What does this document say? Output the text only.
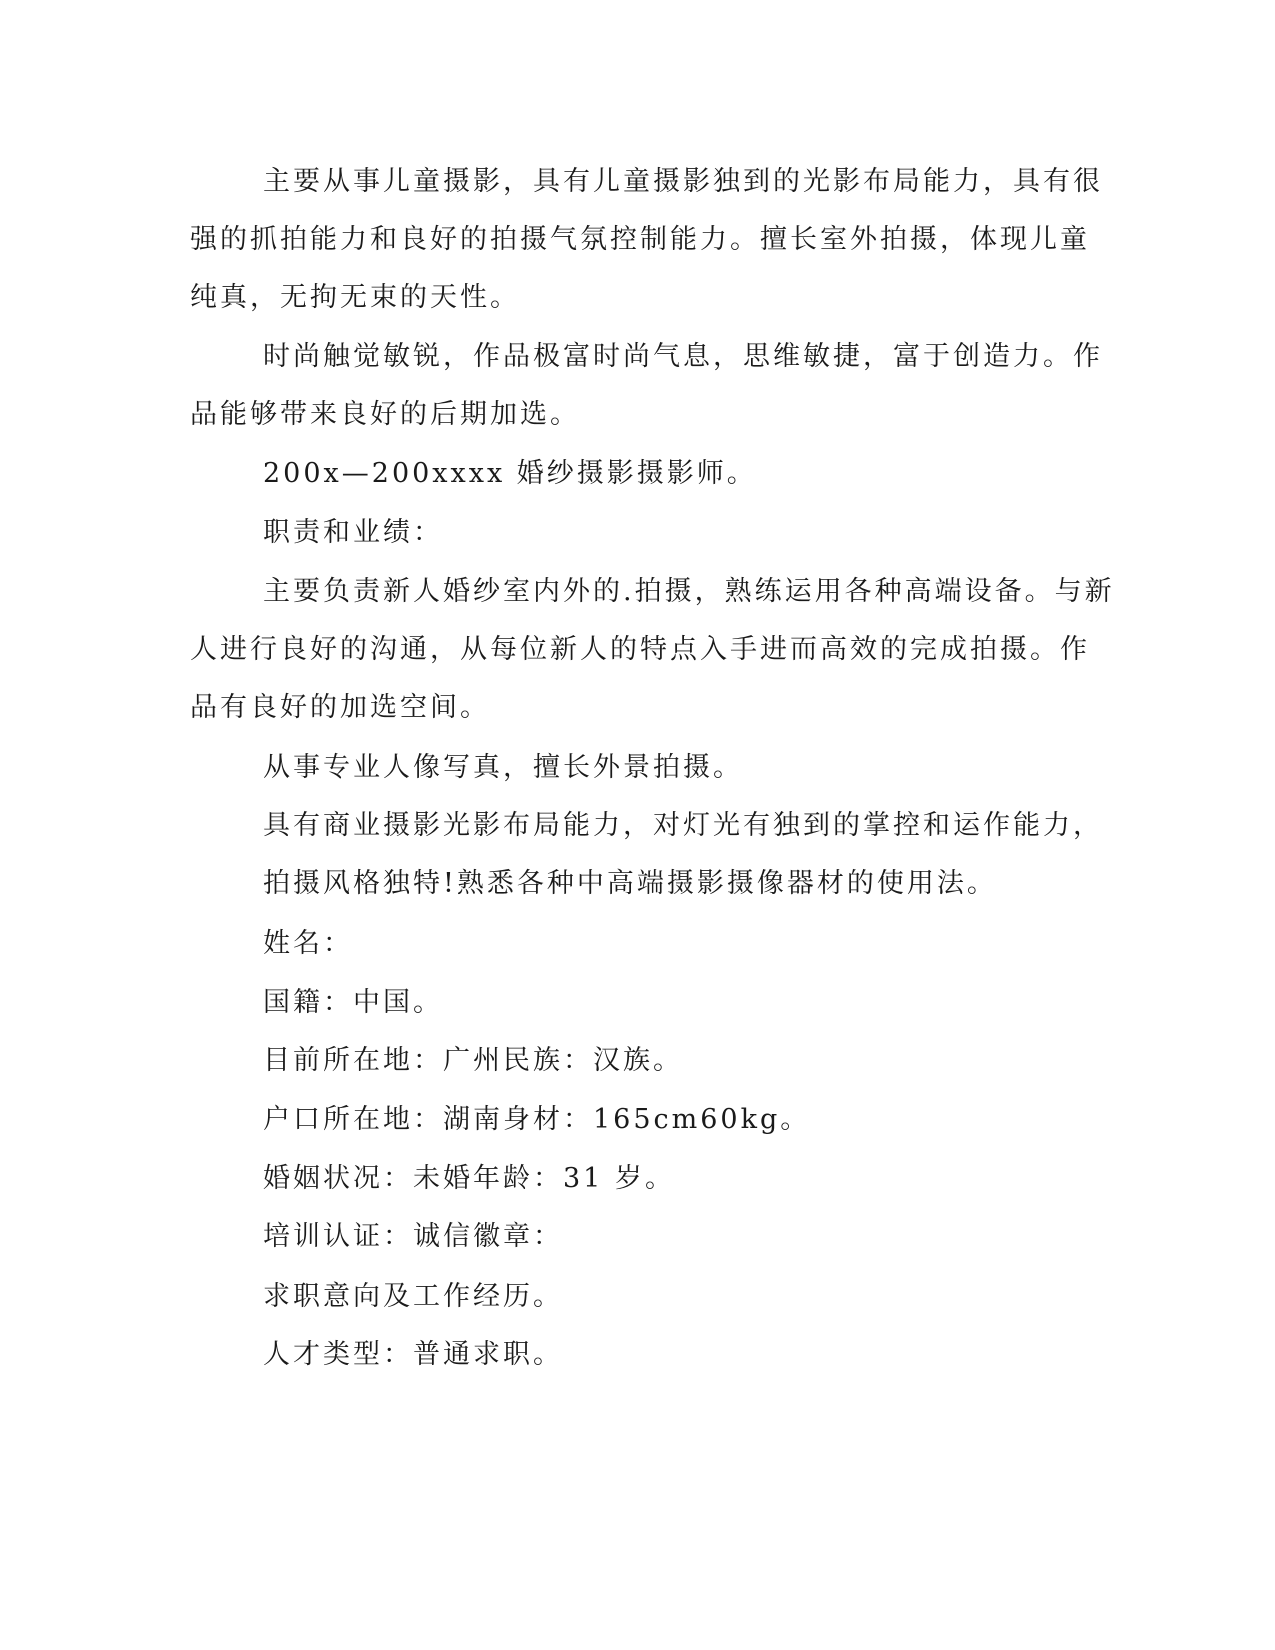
主要从事儿童摄影，具有儿童摄影独到的光影布局能力，具有很
强的抓拍能力和良好的拍摄气氛控制能力。擅长室外拍摄，体现儿童
纯真，无拘无束的天性。
时尚触觉敏锐，作品极富时尚气息，思维敏捷，富于创造力。作
品能够带来良好的后期加选。
200x—200xxxx 婚纱摄影摄影师。
职责和业绩：
主要负责新人婚纱室内外的.拍摄，熟练运用各种高端设备。与新
人进行良好的沟通，从每位新人的特点入手进而高效的完成拍摄。作
品有良好的加选空间。
从事专业人像写真，擅长外景拍摄。
具有商业摄影光影布局能力，对灯光有独到的掌控和运作能力，
拍摄风格独特!熟悉各种中高端摄影摄像器材的使用法。
姓名：
国籍：中国。
目前所在地：广州民族：汉族。
户口所在地：湖南身材：165cm60kg。
婚姻状况：未婚年龄：31 岁。
培训认证：诚信徽章：
求职意向及工作经历。
人才类型：普通求职。
